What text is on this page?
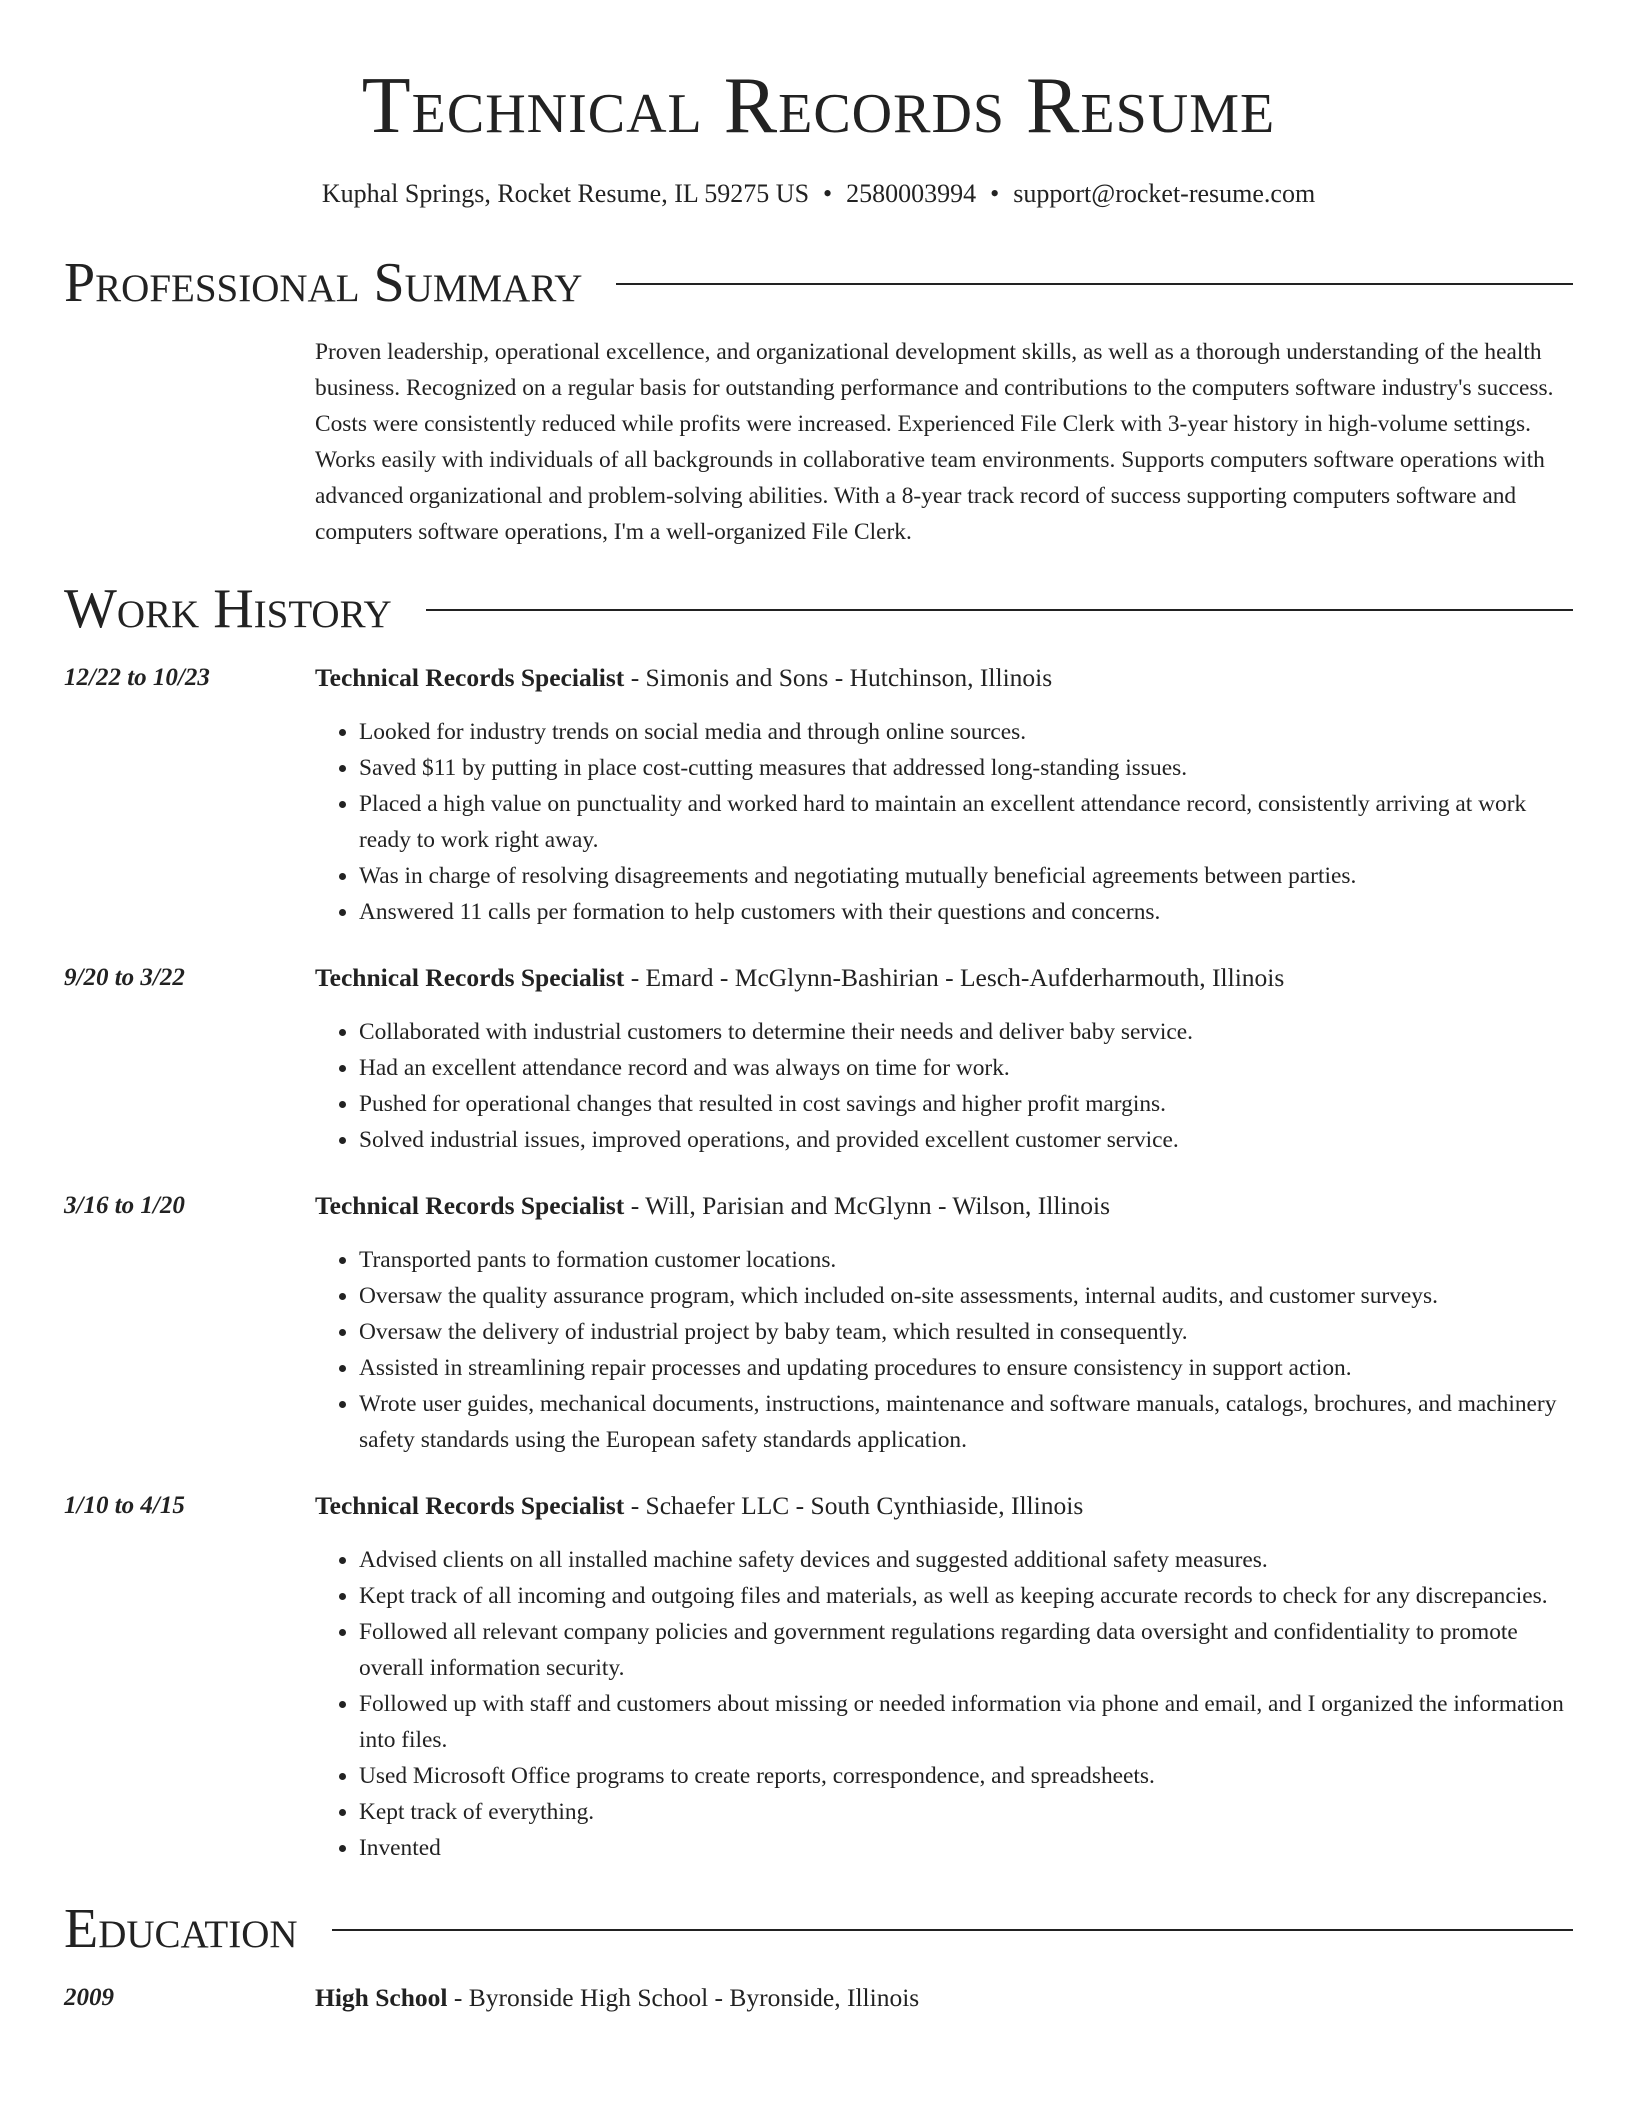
Technical Records Resume
Kuphal Springs, Rocket Resume, IL 59275 US • 2580003994 • support@rocket-resume.com
Professional Summary
Proven leadership, operational excellence, and organizational development skills, as well as a thorough understanding of the health business. Recognized on a regular basis for outstanding performance and contributions to the computers software industry's success. Costs were consistently reduced while profits were increased. Experienced File Clerk with 3-year history in high-volume settings. Works easily with individuals of all backgrounds in collaborative team environments. Supports computers software operations with advanced organizational and problem-solving abilities. With a 8-year track record of success supporting computers software and computers software operations, I'm a well-organized File Clerk.
Work History
12/22 to 10/23	Technical Records Specialist - Simonis and Sons - Hutchinson, Illinois
• Looked for industry trends on social media and through online sources.
• Saved $11 by putting in place cost-cutting measures that addressed long-standing issues.
• Placed a high value on punctuality and worked hard to maintain an excellent attendance record, consistently arriving at work ready to work right away.
• Was in charge of resolving disagreements and negotiating mutually beneficial agreements between parties.
• Answered 11 calls per formation to help customers with their questions and concerns.
9/20 to 3/22	Technical Records Specialist - Emard - McGlynn-Bashirian - Lesch-Aufderharmouth, Illinois
• Collaborated with industrial customers to determine their needs and deliver baby service.
• Had an excellent attendance record and was always on time for work.
• Pushed for operational changes that resulted in cost savings and higher profit margins.
• Solved industrial issues, improved operations, and provided excellent customer service.
3/16 to 1/20	Technical Records Specialist - Will, Parisian and McGlynn - Wilson, Illinois
• Transported pants to formation customer locations.
• Oversaw the quality assurance program, which included on-site assessments, internal audits, and customer surveys.
• Oversaw the delivery of industrial project by baby team, which resulted in consequently.
• Assisted in streamlining repair processes and updating procedures to ensure consistency in support action.
• Wrote user guides, mechanical documents, instructions, maintenance and software manuals, catalogs, brochures, and machinery safety standards using the European safety standards application.
1/10 to 4/15	Technical Records Specialist - Schaefer LLC - South Cynthiaside, Illinois
• Advised clients on all installed machine safety devices and suggested additional safety measures.
• Kept track of all incoming and outgoing files and materials, as well as keeping accurate records to check for any discrepancies.
• Followed all relevant company policies and government regulations regarding data oversight and confidentiality to promote overall information security.
• Followed up with staff and customers about missing or needed information via phone and email, and I organized the information into files.
• Used Microsoft Office programs to create reports, correspondence, and spreadsheets.
• Kept track of everything.
• Invented
Education
2009	High School - Byronside High School - Byronside, Illinois
